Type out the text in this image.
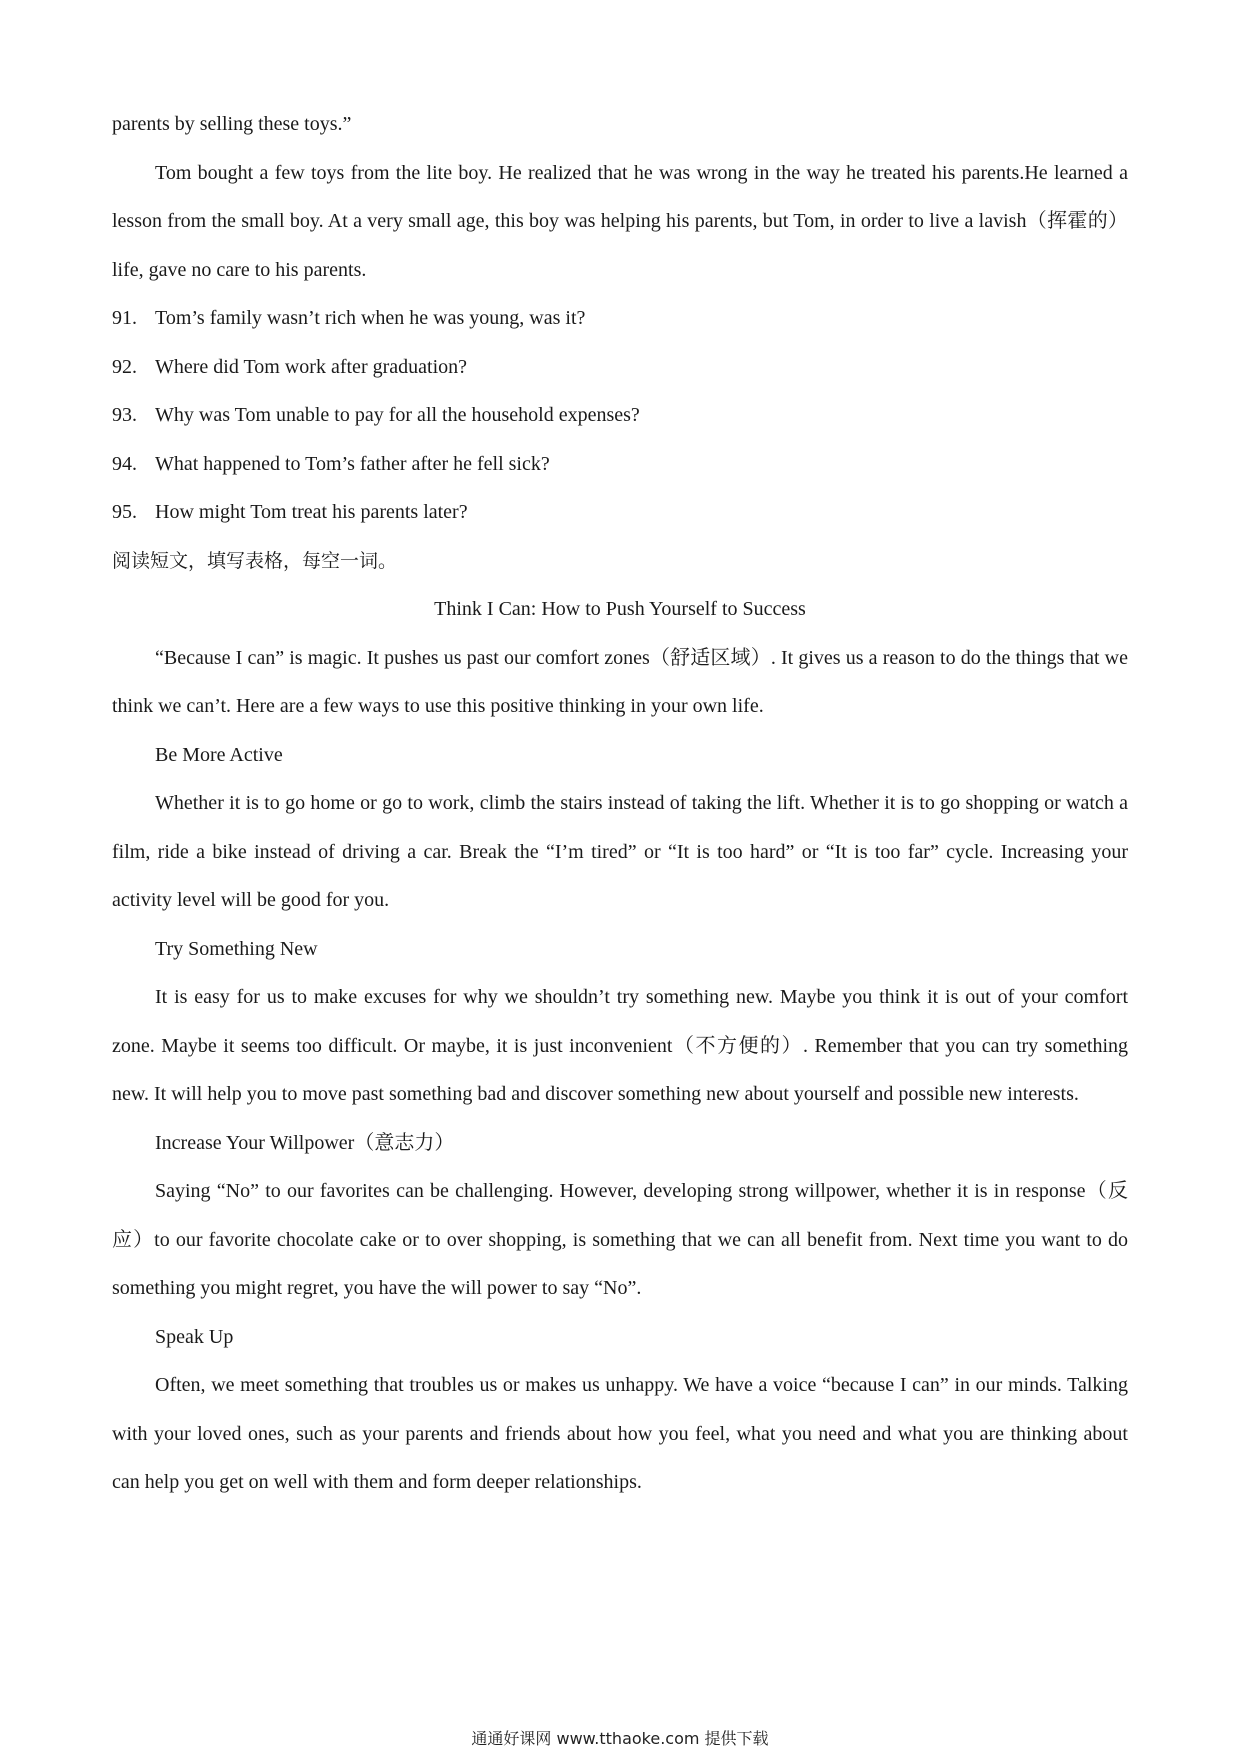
parents by selling these toys.”

Tom bought a few toys from the lite boy. He realized that he was wrong in the way he treated his parents.He learned a lesson from the small boy. At a very small age, this boy was helping his parents, but Tom, in order to live a lavish（挥霍的）life, gave no care to his parents.

91. Tom’s family wasn’t rich when he was young, was it?
92. Where did Tom work after graduation?
93. Why was Tom unable to pay for all the household expenses?
94. What happened to Tom’s father after he fell sick?
95. How might Tom treat his parents later?
阅读短文，填写表格，每空一词。
Think I Can: How to Push Yourself to Success

“Because I can” is magic. It pushes us past our comfort zones（舒适区域）. It gives us a reason to do the things that we think we can’t. Here are a few ways to use this positive thinking in your own life.

Be More Active

Whether it is to go home or go to work, climb the stairs instead of taking the lift. Whether it is to go shopping or watch a film, ride a bike instead of driving a car. Break the “I’m tired” or “It is too hard” or “It is too far” cycle. Increasing your activity level will be good for you.

Try Something New

It is easy for us to make excuses for why we shouldn’t try something new. Maybe you think it is out of your comfort zone. Maybe it seems too difficult. Or maybe, it is just inconvenient（不方便的）. Remember that you can try something new. It will help you to move past something bad and discover something new about yourself and possible new interests.

Increase Your Willpower（意志力）

Saying “No” to our favorites can be challenging. However, developing strong willpower, whether it is in response（反应）to our favorite chocolate cake or to over shopping, is something that we can all benefit from. Next time you want to do something you might regret, you have the will power to say “No”.

Speak Up

Often, we meet something that troubles us or makes us unhappy. We have a voice “because I can” in our minds. Talking with your loved ones, such as your parents and friends about how you feel, what you need and what you are thinking about can help you get on well with them and form deeper relationships.

通通好课网 www.tthaoke.com 提供下载
